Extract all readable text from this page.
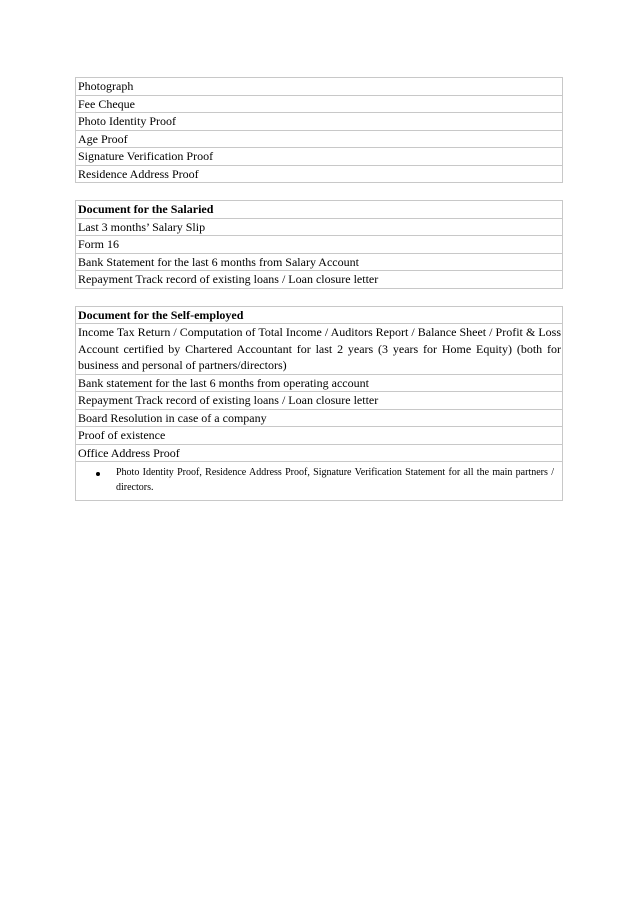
Photograph
Fee Cheque
Photo Identity Proof
Age Proof
Signature Verification Proof
Residence Address Proof
Document for the Salaried
Last 3 months’ Salary Slip
Form 16
Bank Statement for the last 6 months from Salary Account
Repayment Track record of existing loans / Loan closure letter
Document for the Self-employed
Income Tax Return / Computation of Total Income / Auditors Report / Balance Sheet / Profit & Loss Account certified by Chartered Accountant for last 2 years (3 years for Home Equity) (both for business and personal of partners/directors)
Bank statement for the last 6 months from operating account
Repayment Track record of existing loans / Loan closure letter
Board Resolution in case of a company
Proof of existence
Office Address Proof

Photo Identity Proof, Residence Address Proof, Signature Verification Statement for all the main partners / directors.
